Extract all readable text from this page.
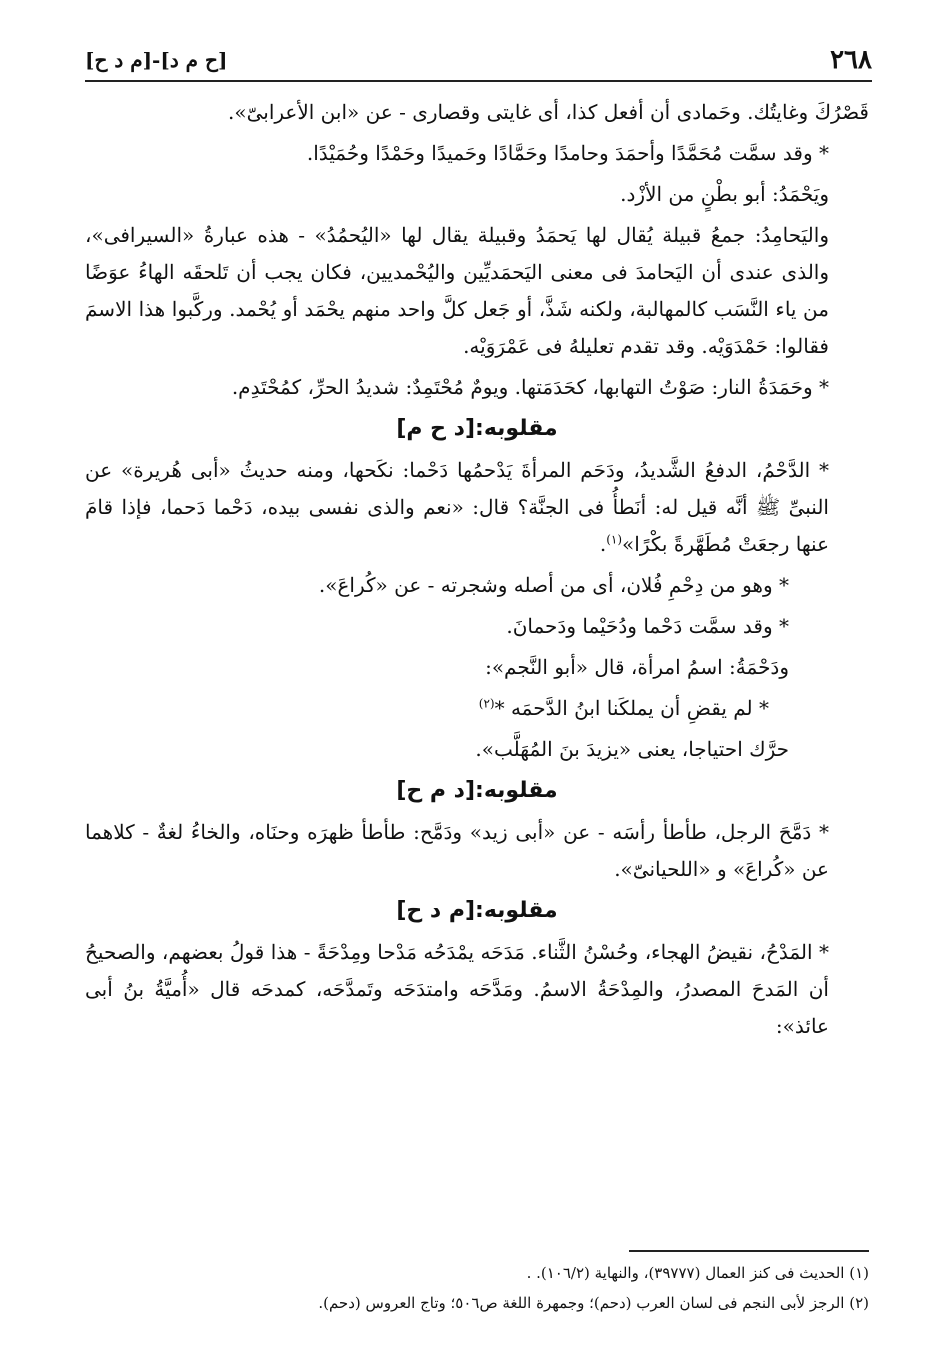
٢٦٨
[ح م د]-[م د ح]

قَصْرُكَ وغايتُك. وحَمادى أن أفعل كذا، أى غايتى وقصارى - عن «ابن الأعرابىّ».

* وقد سمَّت مُحَمَّدًا وأحمَدَ وحامدًا وحَمَّادًا وحَميدًا وحَمْدًا وحُمَيْدًا.

ويَحْمَدُ: أبو بطْنٍ من الأزْد.

واليَحامِدُ: جمعُ قبيلة يُقال لها يَحمَدُ وقبيلة يقال لها «اليُحمُدُ» - هذه عبارةُ «السيرافى»، والذى عندى أن اليَحامدَ فى معنى اليَحمَديِّين واليُحْمديين، فكان يجب أن تَلحقَه الهاءُ عوَضًا من ياء النَّسَب كالمهالبة، ولكنه شَذَّ، أو جَعل كلَّ واحد منهم يحْمَد أو يُحْمد. وركَّبوا هذا الاسمَ فقالوا: حَمْدَوَيْه. وقد تقدم تعليلهُ فى عَمْرَوَيْه.

* وحَمَدَةُ النار: صَوْتُ التهابها، كحَدَمَتها. ويومٌ مُحْتَمِدٌ: شديدُ الحرِّ، كمُحْتَدِم.

مقلوبه:[د ح م]

* الدَّحْمُ، الدفعُ الشَّديدُ، ودَحَم المرأةَ يَدْحمُها دَحْما: نكَحها، ومنه حديثُ «أبى هُريرة» عن النبىِّ ﷺ أنَّه قيل له: أنَطأُ فى الجنَّة؟ قال: «نعم والذى نفسى بيده، دَحْما دَحما، فإذا قامَ عنها رجعَتْ مُطَهَّرةً بكْرًا»$^{(١)}$.

* وهو من دِحْمِ فُلان، أى من أصله وشجرته - عن «كُراعَ».

* وقد سمَّت دَحْما ودُحَيْما ودَحمانَ.

ودَحْمَةُ: اسمُ امرأة، قال «أبو النَّجم»:

* لم يقضِ أن يملكَنا ابنُ الدَّحمَه *$^{(٢)}$

حرَّك احتياجا، يعنى «يزيدَ بنَ المُهَلَّب».

مقلوبه:[د م ح]

* دَمَّحَ الرجل، طأطأ رأسَه - عن «أبى زيد» ودَمَّح: طأطأ ظهرَه وحنَاه، والخاءُ لغةٌ - كلاهما عن «كُراعَ» و «اللحيانىّ».

مقلوبه:[م د ح]

* المَدْحُ، نقيضُ الهجاء، وحُسْنُ الثَّناء. مَدَحَه يمْدَحُه مَدْحا ومِدْحَةً - هذا قولُ بعضهم، والصحيحُ أن المَدحَ المصدرُ، والمِدْحَةُ الاسمُ. ومَدَّحَه وامتدَحَه وتَمدَّحَه، كمدحَه قال «أُميَّةُ بنُ أبى عائذ»:

(١) الحديث فى كنز العمال (٣٩٧٧٧)، والنهاية (١٠٦/٢). .

(٢) الرجز لأبى النجم فى لسان العرب (دحم)؛ وجمهرة اللغة ص٥٠٦؛ وتاج العروس (دحم).
